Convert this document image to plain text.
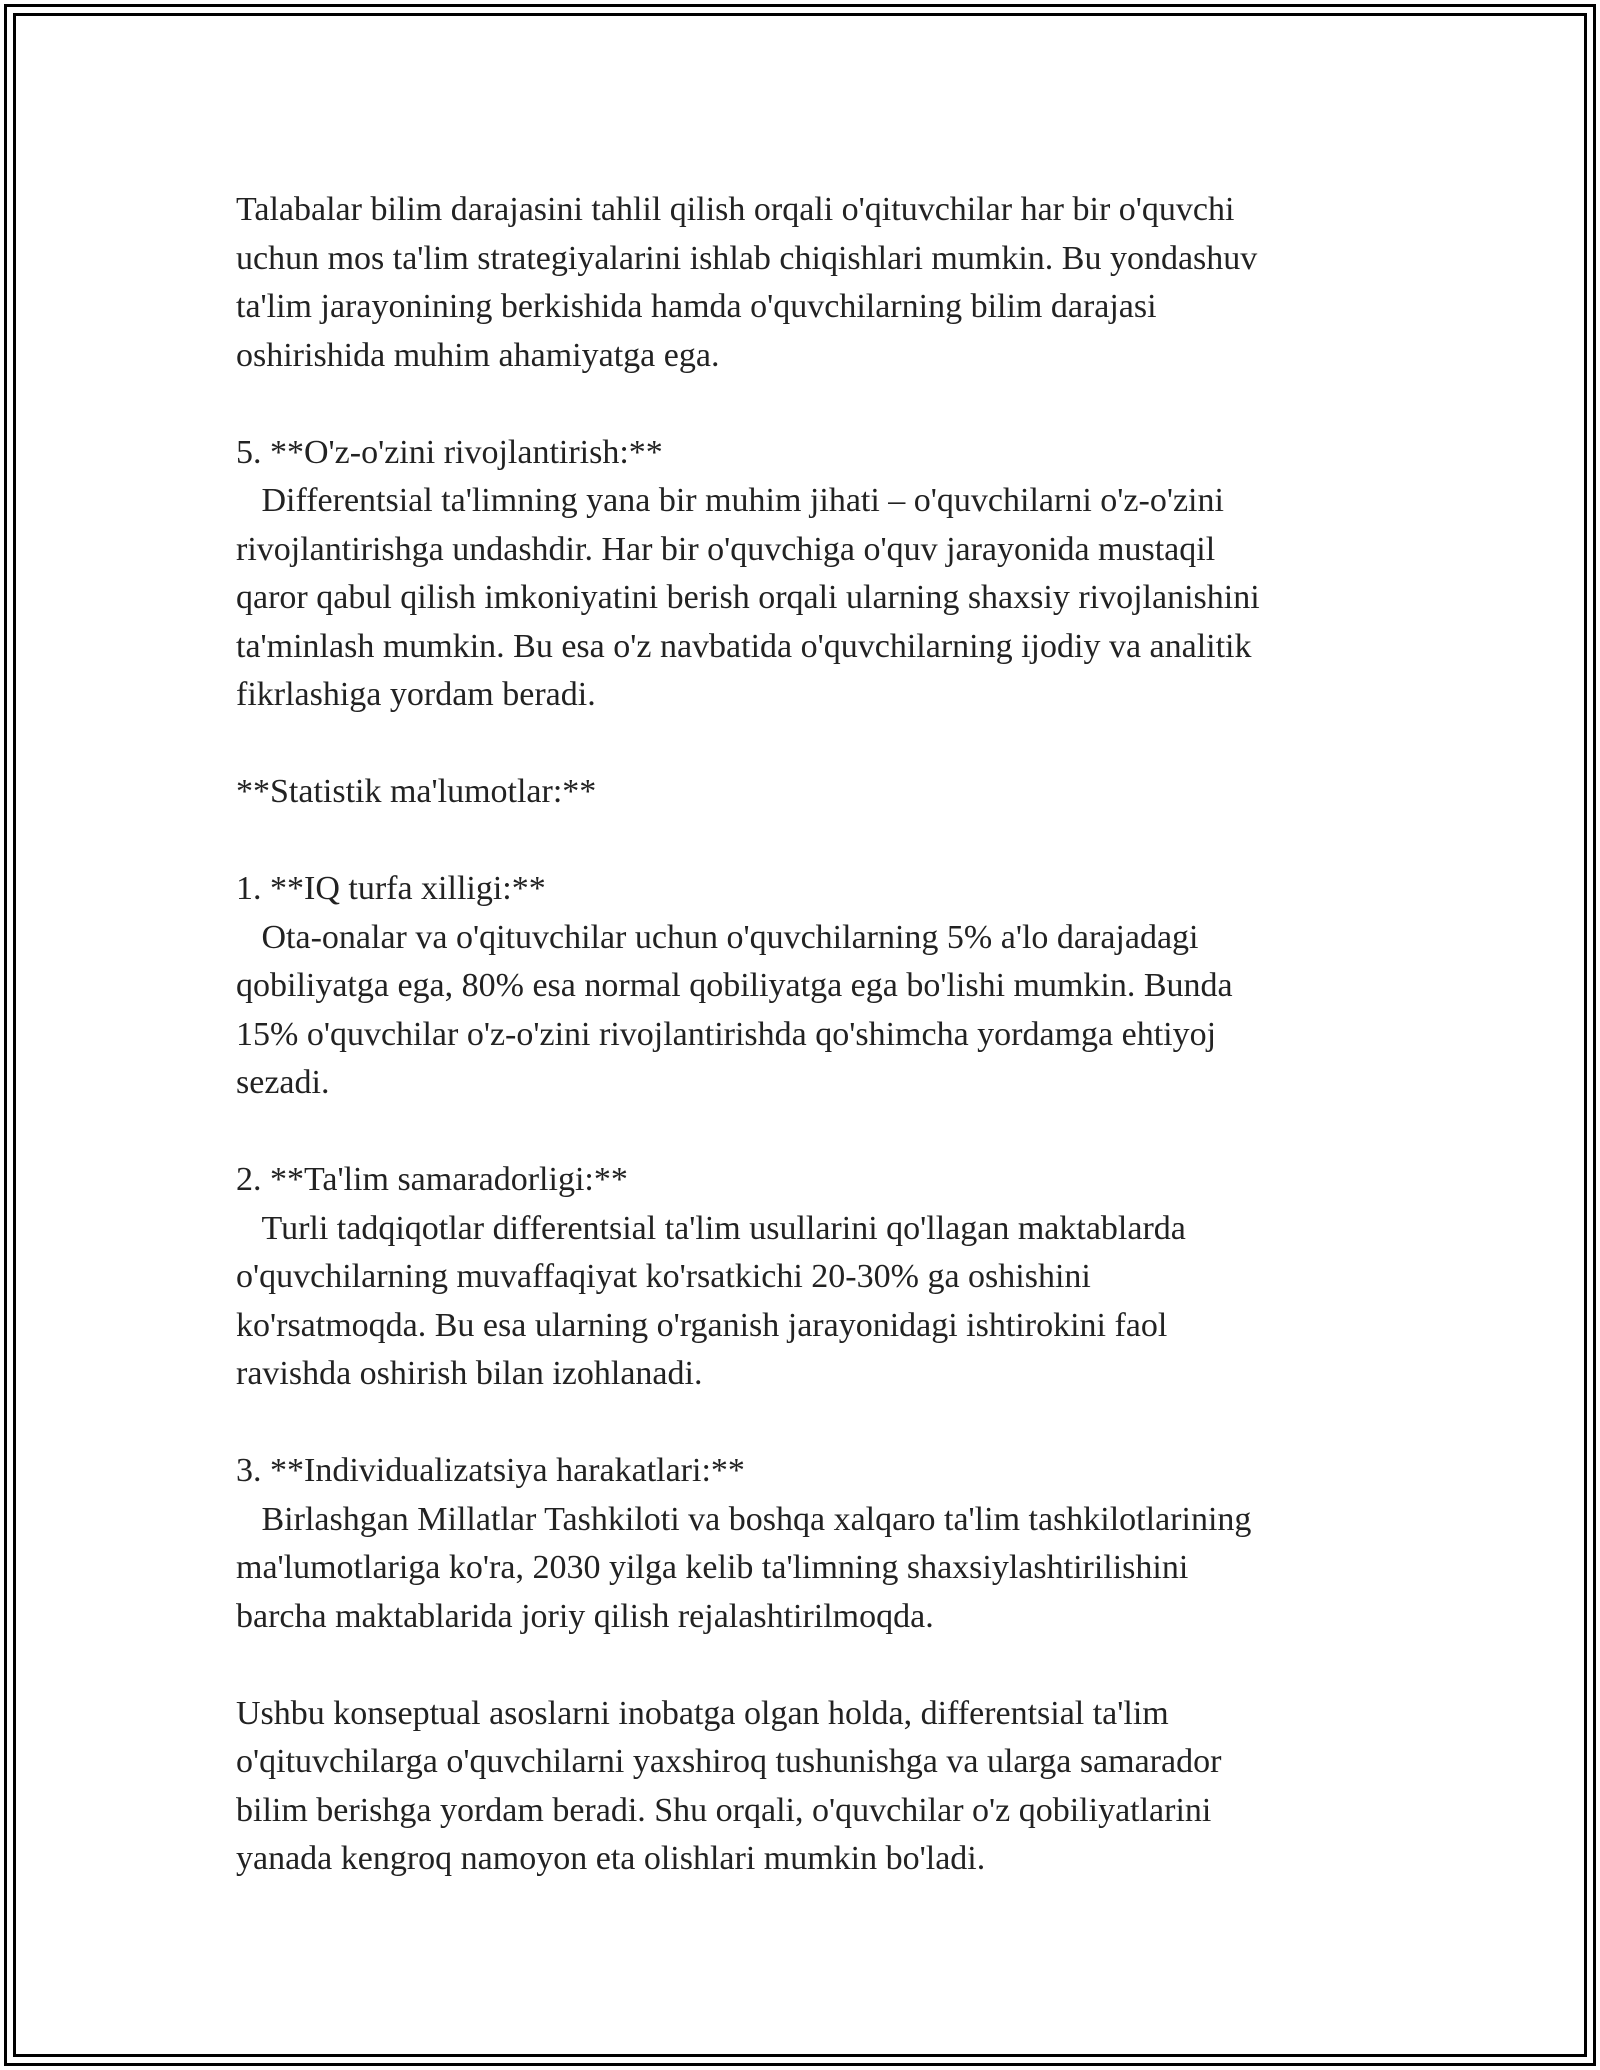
Talabalar bilim darajasini tahlil qilish orqali o'qituvchilar har bir o'quvchi
uchun mos ta'lim strategiyalarini ishlab chiqishlari mumkin. Bu yondashuv
ta'lim jarayonining berkishida hamda o'quvchilarning bilim darajasi
oshirishida muhim ahamiyatga ega.

5. **O'z-o'zini rivojlantirish:**

Differentsial ta'limning yana bir muhim jihati – o'quvchilarni o'z-o'zini
rivojlantirishga undashdir. Har bir o'quvchiga o'quv jarayonida mustaqil
qaror qabul qilish imkoniyatini berish orqali ularning shaxsiy rivojlanishini
ta'minlash mumkin. Bu esa o'z navbatida o'quvchilarning ijodiy va analitik
fikrlashiga yordam beradi.

**Statistik ma'lumotlar:**

1. **IQ turfa xilligi:**

Ota-onalar va o'qituvchilar uchun o'quvchilarning 5% a'lo darajadagi
qobiliyatga ega, 80% esa normal qobiliyatga ega bo'lishi mumkin. Bunda
15% o'quvchilar o'z-o'zini rivojlantirishda qo'shimcha yordamga ehtiyoj
sezadi.

2. **Ta'lim samaradorligi:**

Turli tadqiqotlar differentsial ta'lim usullarini qo'llagan maktablarda
o'quvchilarning muvaffaqiyat ko'rsatkichi 20-30% ga oshishini
ko'rsatmoqda. Bu esa ularning o'rganish jarayonidagi ishtirokini faol
ravishda oshirish bilan izohlanadi.

3. **Individualizatsiya harakatlari:**

Birlashgan Millatlar Tashkiloti va boshqa xalqaro ta'lim tashkilotlarining
ma'lumotlariga ko'ra, 2030 yilga kelib ta'limning shaxsiylashtirilishini
barcha maktablarida joriy qilish rejalashtirilmoqda.

Ushbu konseptual asoslarni inobatga olgan holda, differentsial ta'lim
o'qituvchilarga o'quvchilarni yaxshiroq tushunishga va ularga samarador
bilim berishga yordam beradi. Shu orqali, o'quvchilar o'z qobiliyatlarini
yanada kengroq namoyon eta olishlari mumkin bo'ladi.
